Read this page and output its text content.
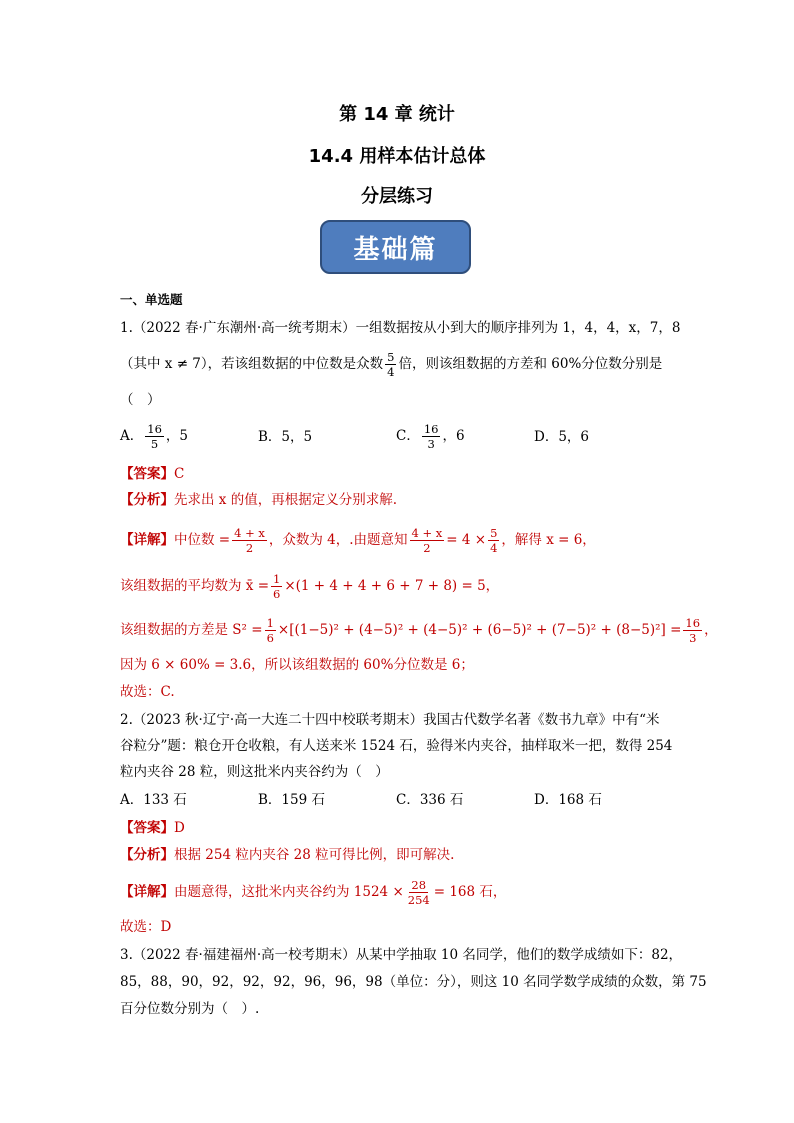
第 14 章 统计
14.4 用样本估计总体
分层练习
基础篇
一、单选题
1.（2022 春·广东潮州·高一统考期末）一组数据按从小到大的顺序排列为 1，4，4，x，7，8
（其中 x ≠ 7），若该组数据的中位数是众数 $\frac{5}{4}$ 倍，则该组数据的方差和 60%分位数分别是
（　）
A． $\frac{16}{5}$ ，5	B．5，5	C． $\frac{16}{3}$ ，6	D．5，6
【答案】C
【分析】先求出 x 的值，再根据定义分别求解.
【详解】中位数 = $\frac{4 + x}{2}$ ，众数为 4，.由题意知 $\frac{4 + x}{2} = 4 \times \frac{5}{4}$ ，解得 x = 6，
该组数据的平均数为 x̄ = $\frac{1}{6} \times(1 + 4 + 4 + 6 + 7 + 8) = 5$，
该组数据的方差是 $S^2 = \frac{1}{6} \times[(1-5)^2 + (4-5)^2 + (4-5)^2 + (6-5)^2 + (7-5)^2 + (8-5)^2] = \frac{16}{3}$ ，
因为 6 × 60% = 3.6，所以该组数据的 60%分位数是 6；
故选：C.
2.（2023 秋·辽宁·高一大连二十四中校联考期末）我国古代数学名著《数书九章》中有“米
谷粒分”题：粮仓开仓收粮，有人送来米 1524 石，验得米内夹谷，抽样取米一把，数得 254
粒内夹谷 28 粒，则这批米内夹谷约为（　）
A．133 石	B．159 石	C．336 石	D．168 石
【答案】D
【分析】根据 254 粒内夹谷 28 粒可得比例，即可解决.
【详解】由题意得，这批米内夹谷约为 $1524 \times \frac{28}{254} = 168$ 石，
故选：D
3.（2022 春·福建福州·高一校考期末）从某中学抽取 10 名同学，他们的数学成绩如下：82，
85，88，90，92，92，92，96，96，98（单位：分），则这 10 名同学数学成绩的众数，第 75
百分位数分别为（　）.
